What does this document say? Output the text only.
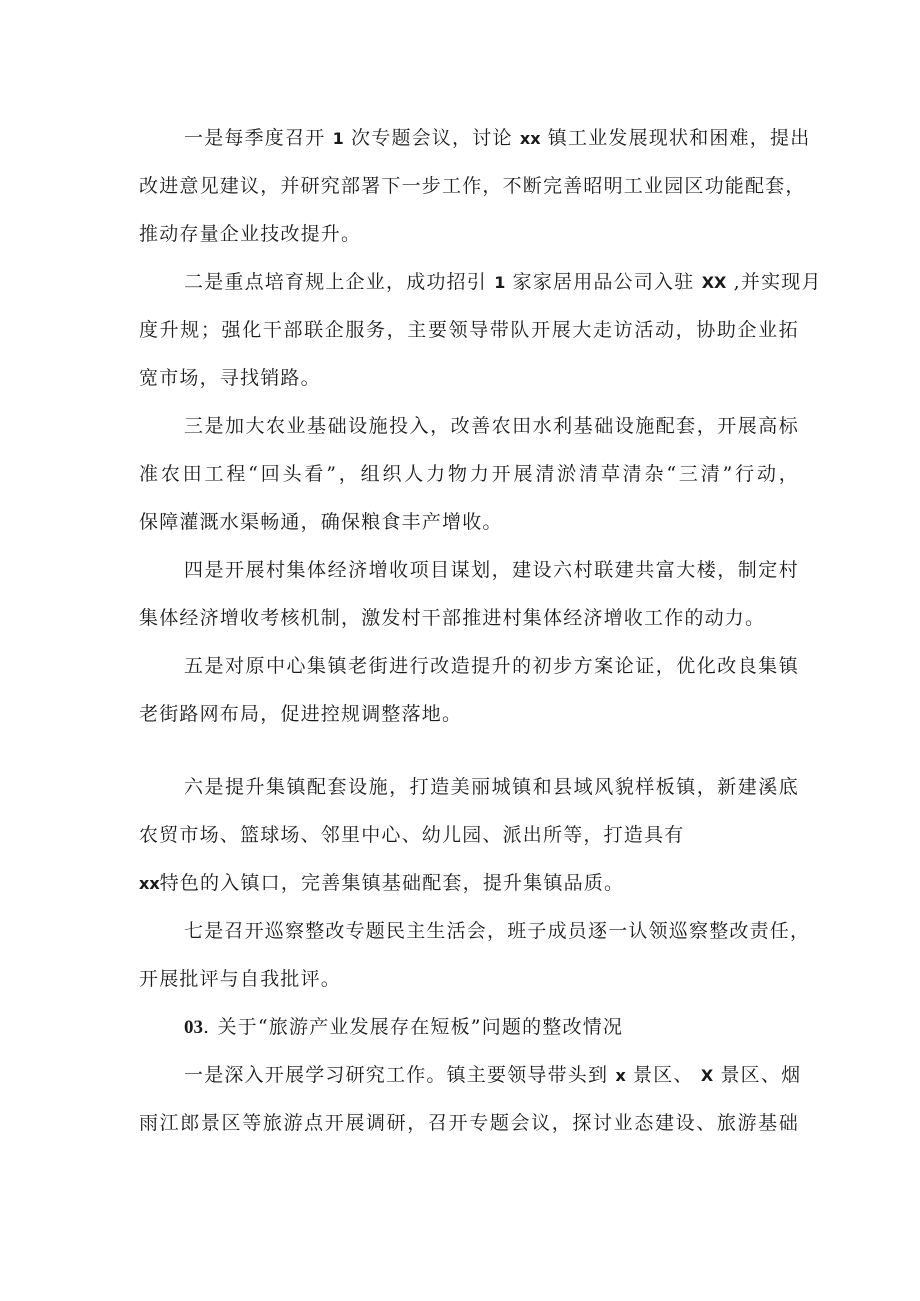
一是每季度召开 1 次专题会议，讨论 xx 镇工业发展现状和困难，提出
改进意见建议，并研究部署下一步工作，不断完善昭明工业园区功能配套，
推动存量企业技改提升。
二是重点培育规上企业，成功招引 1 家家居用品公司入驻 XX ,并实现月
度升规；强化干部联企服务，主要领导带队开展大走访活动，协助企业拓
宽市场，寻找销路。
三是加大农业基础设施投入，改善农田水利基础设施配套，开展高标
准农田工程“回头看”，组织人力物力开展清淤清草清杂“三清”行动，
保障灌溉水渠畅通，确保粮食丰产增收。
四是开展村集体经济增收项目谋划，建设六村联建共富大楼，制定村
集体经济增收考核机制，激发村干部推进村集体经济增收工作的动力。
五是对原中心集镇老街进行改造提升的初步方案论证，优化改良集镇
老街路网布局，促进控规调整落地。
六是提升集镇配套设施，打造美丽城镇和县域风貌样板镇，新建溪底
农贸市场、篮球场、邻里中心、幼儿园、派出所等，打造具有
xx特色的入镇口，完善集镇基础配套，提升集镇品质。
七是召开巡察整改专题民主生活会，班子成员逐一认领巡察整改责任，
开展批评与自我批评。
03. 关于“旅游产业发展存在短板”问题的整改情况
一是深入开展学习研究工作。镇主要领导带头到 x 景区、 X 景区、烟
雨江郎景区等旅游点开展调研，召开专题会议，探讨业态建设、旅游基础
